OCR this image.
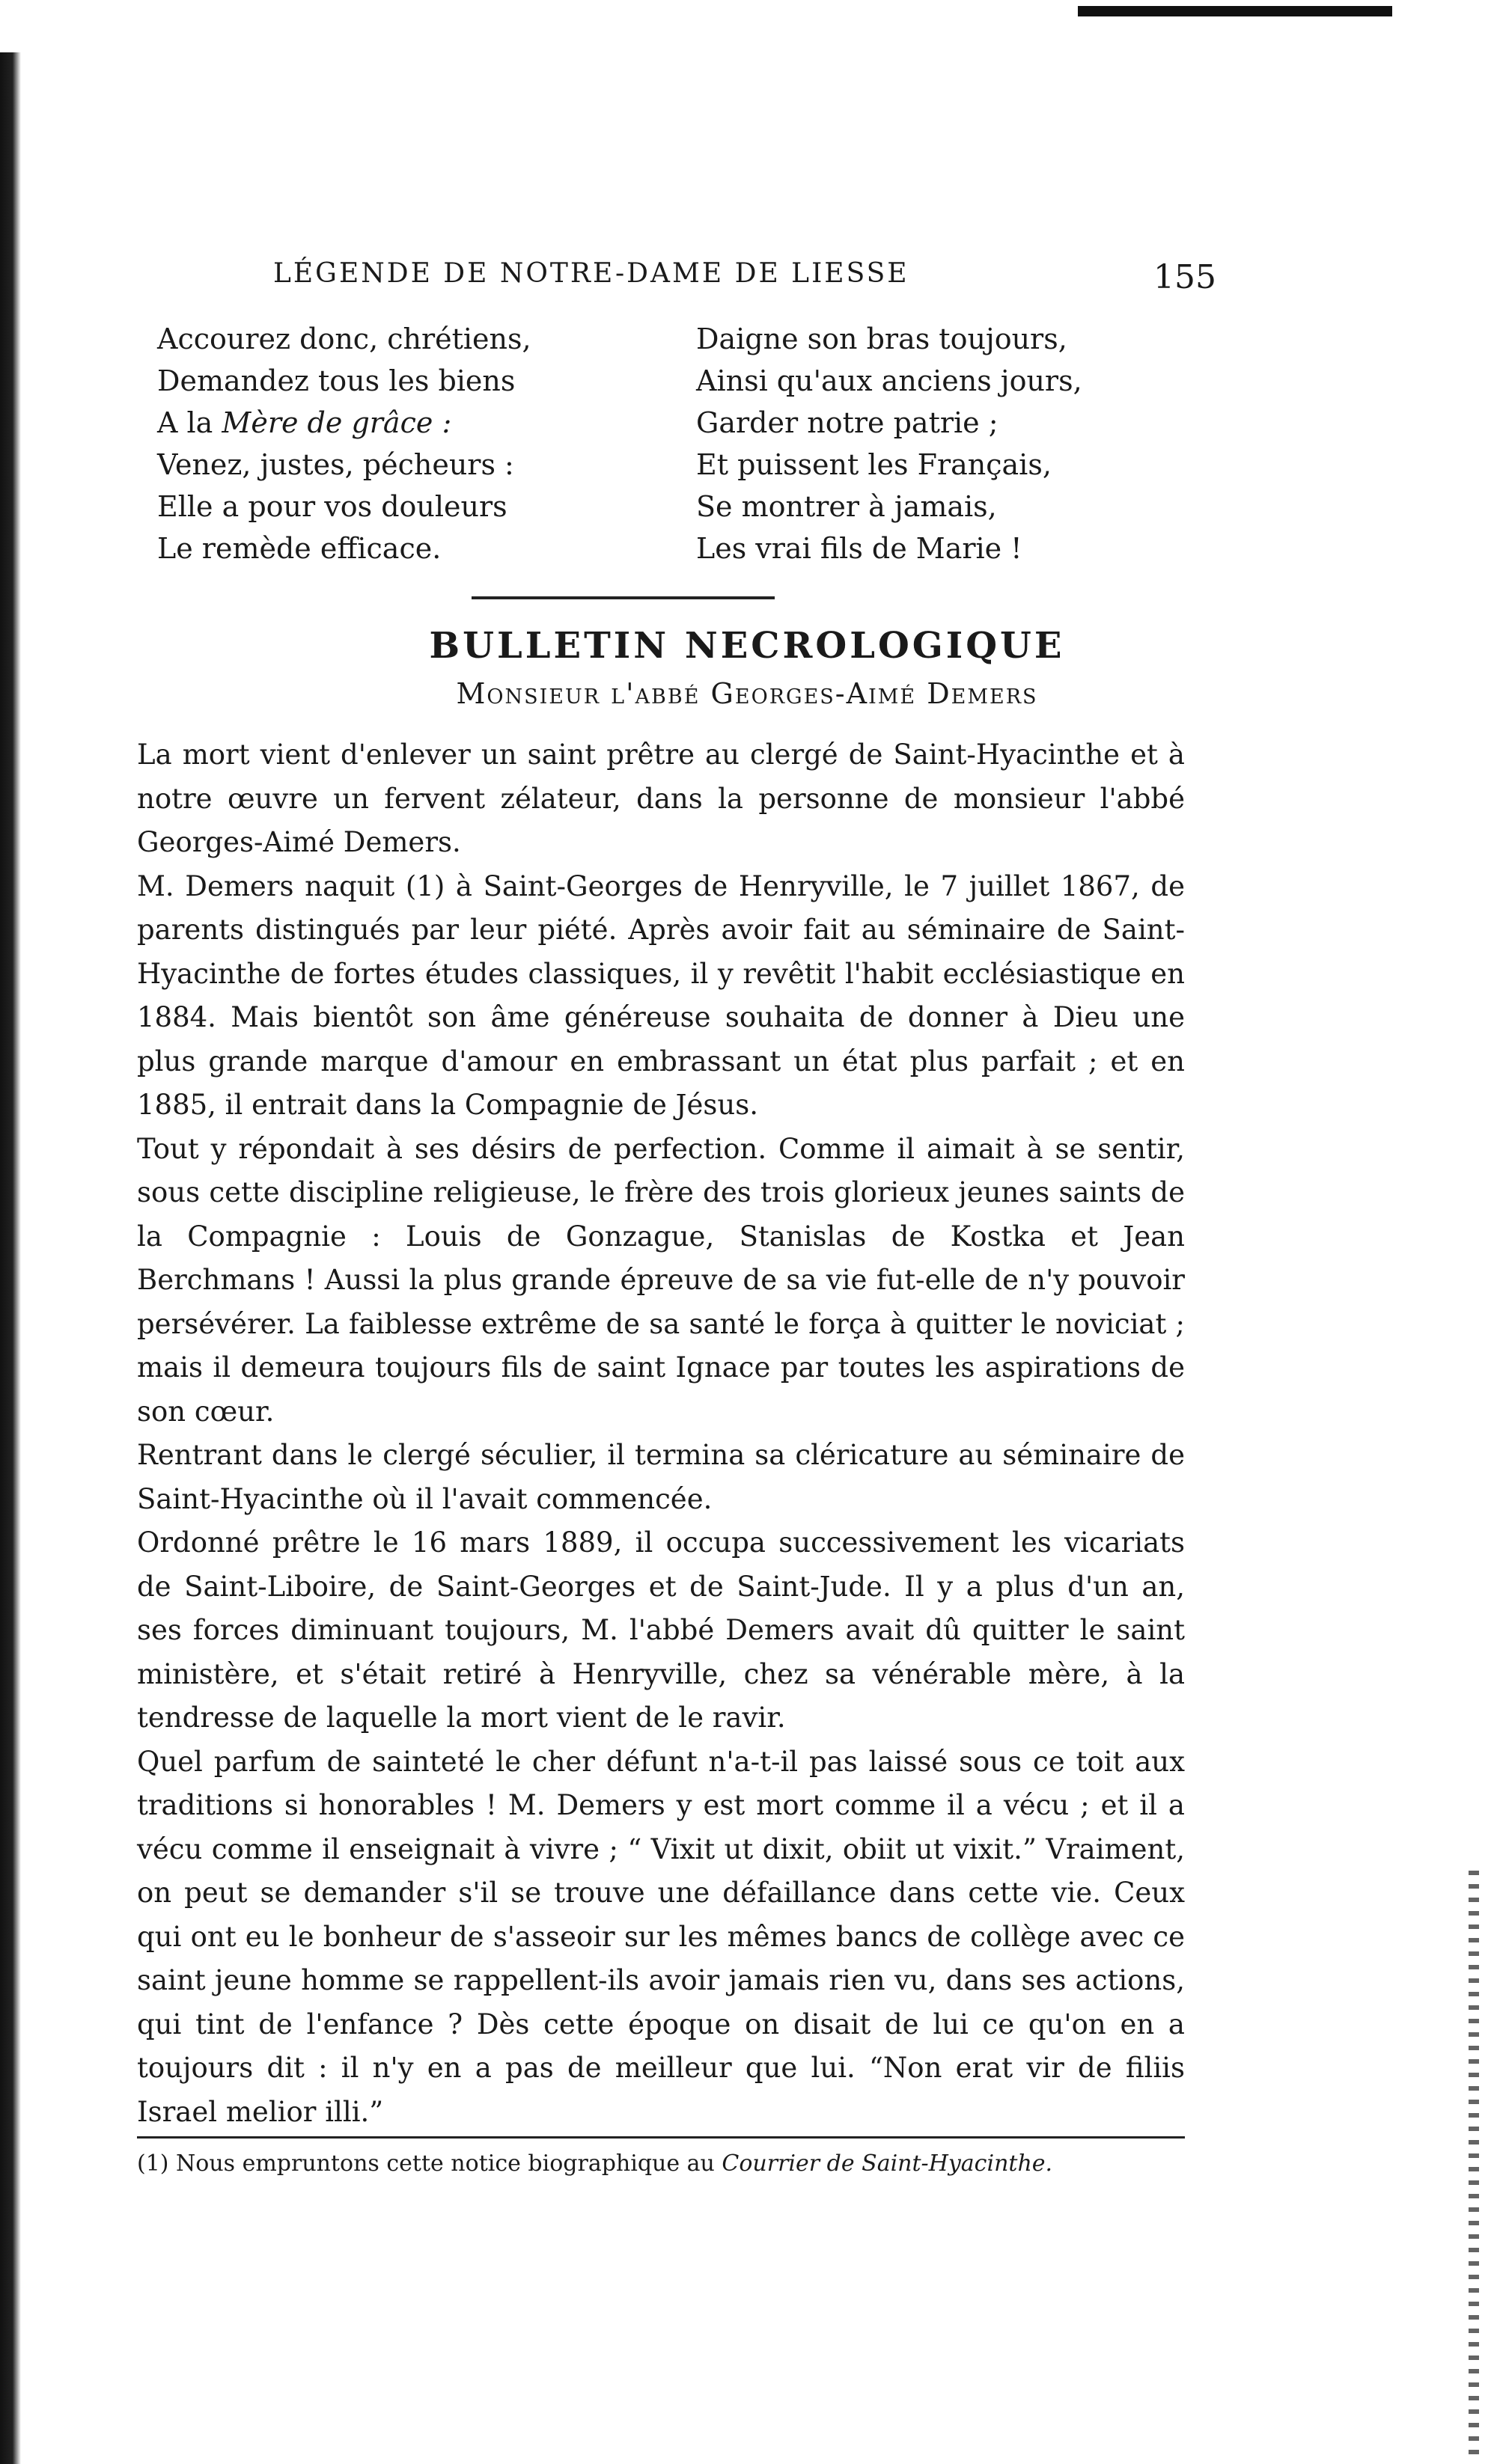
LÉGENDE DE NOTRE-DAME DE LIESSE	155
Accourez donc, chrétiens,
Demandez tous les biens
A la Mère de grâce :
Venez, justes, pécheurs :
Elle a pour vos douleurs
Le remède efficace.
Daigne son bras toujours,
Ainsi qu'aux anciens jours,
Garder notre patrie ;
Et puissent les Français,
Se montrer à jamais,
Les vrai fils de Marie !
BULLETIN NECROLOGIQUE
Monsieur l'abbé Georges-Aimé Demers

La mort vient d'enlever un saint prêtre au clergé de Saint-Hyacinthe et à notre œuvre un fervent zélateur, dans la personne de monsieur l'abbé Georges-Aimé Demers.

M. Demers naquit (1) à Saint-Georges de Henryville, le 7 juillet 1867, de parents distingués par leur piété. Après avoir fait au séminaire de Saint-Hyacinthe de fortes études classiques, il y revêtit l'habit ecclésiastique en 1884. Mais bientôt son âme généreuse souhaita de donner à Dieu une plus grande marque d'amour en embrassant un état plus parfait ; et en 1885, il entrait dans la Compagnie de Jésus.

Tout y répondait à ses désirs de perfection. Comme il aimait à se sentir, sous cette discipline religieuse, le frère des trois glorieux jeunes saints de la Compagnie : Louis de Gonzague, Stanislas de Kostka et Jean Berchmans ! Aussi la plus grande épreuve de sa vie fut-elle de n'y pouvoir persévérer. La faiblesse extrême de sa santé le força à quitter le noviciat ; mais il demeura toujours fils de saint Ignace par toutes les aspirations de son cœur.

Rentrant dans le clergé séculier, il termina sa cléricature au séminaire de Saint-Hyacinthe où il l'avait commencée.

Ordonné prêtre le 16 mars 1889, il occupa successivement les vicariats de Saint-Liboire, de Saint-Georges et de Saint-Jude. Il y a plus d'un an, ses forces diminuant toujours, M. l'abbé Demers avait dû quitter le saint ministère, et s'était retiré à Henryville, chez sa vénérable mère, à la tendresse de laquelle la mort vient de le ravir.

Quel parfum de sainteté le cher défunt n'a-t-il pas laissé sous ce toit aux traditions si honorables ! M. Demers y est mort comme il a vécu ; et il a vécu comme il enseignait à vivre ; “ Vixit ut dixit, obiit ut vixit.” Vraiment, on peut se demander s'il se trouve une défaillance dans cette vie. Ceux qui ont eu le bonheur de s'asseoir sur les mêmes bancs de collège avec ce saint jeune homme se rappellent-ils avoir jamais rien vu, dans ses actions, qui tint de l'enfance ? Dès cette époque on disait de lui ce qu'on en a toujours dit : il n'y en a pas de meilleur que lui. “Non erat vir de filiis Israel melior illi.”

(1) Nous empruntons cette notice biographique au Courrier de Saint-Hyacinthe.
